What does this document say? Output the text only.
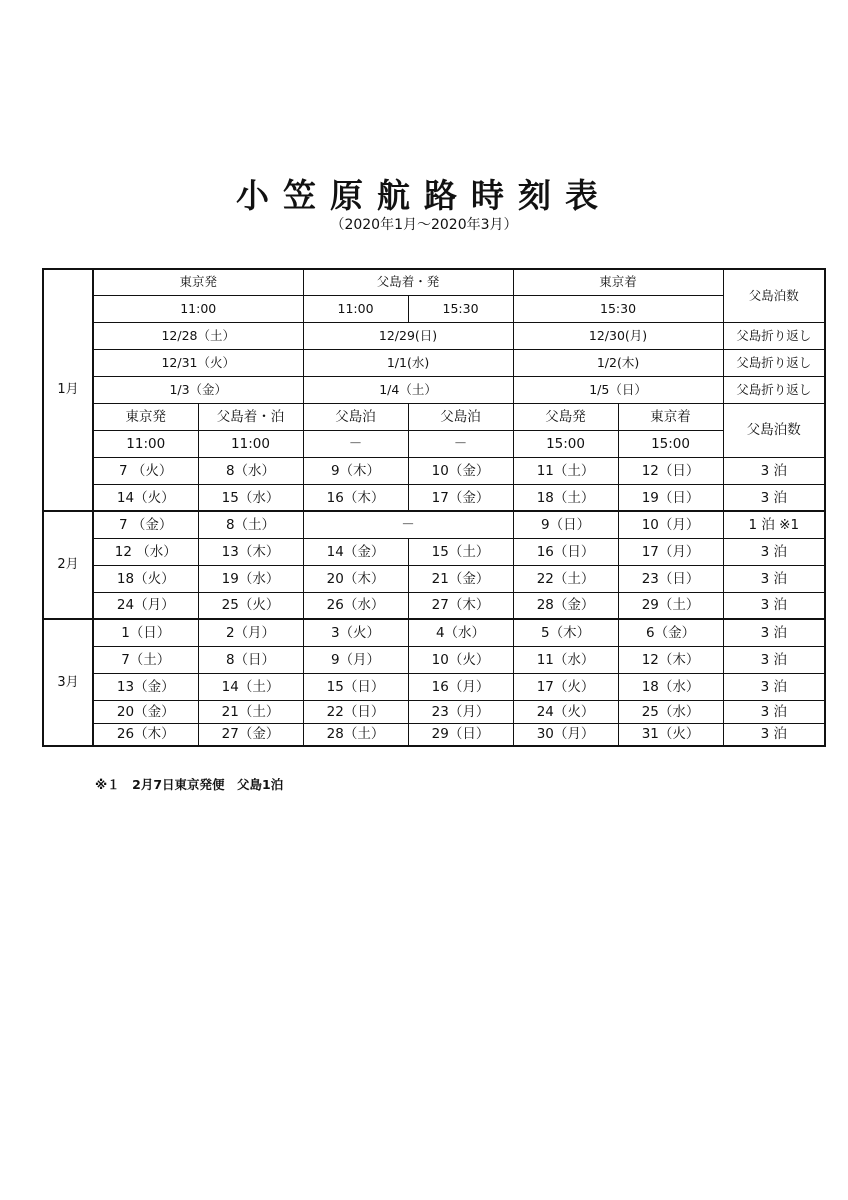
小笠原航路時刻表
（2020年1月～2020年3月）
1月	東京発		父島着・発		東京着		父島泊数
	11:00		11:00	15:30	15:30		
	12/28（土）		12/29(日)		12/30(月)		父島折り返し
	12/31（火）		1/1(水)		1/2(木)		父島折り返し
	1/3（金）		1/4（土）		1/5（日）		父島折り返し
	東京発	父島着・泊	父島泊	父島泊	父島発	東京着	父島泊数
	11:00	11:00	－	－	15:00	15:00	
	7 （火）	8（水）	9（木）	10（金）	11（土）	12（日）	3 泊
	14（火）	15（水）	16（木）	17（金）	18（土）	19（日）	3 泊

2月	7 （金）	8（土）	－		9（日）	10（月）	1 泊 ※1
	12 （水）	13（木）	14（金）	15（土）	16（日）	17（月）	3 泊
	18（火）	19（水）	20（木）	21（金）	22（土）	23（日）	3 泊
	24（月）	25（火）	26（水）	27（木）	28（金）	29（土）	3 泊
3月	1（日）	2（月）	3（火）	4（水）	5（木）	6（金）	3 泊
	7（土）	8（日）	9（月）	10（火）	11（水）	12（木）	3 泊
	13（金）	14（土）	15（日）	16（月）	17（火）	18（水）	3 泊
	20（金）	21（土）	22（日）	23（月）	24（火）	25（水）	3 泊
	26（木）	27（金）	28（土）	29（日）	30（月）	31（火）	3 泊
※１　2月7日東京発便　父島1泊
